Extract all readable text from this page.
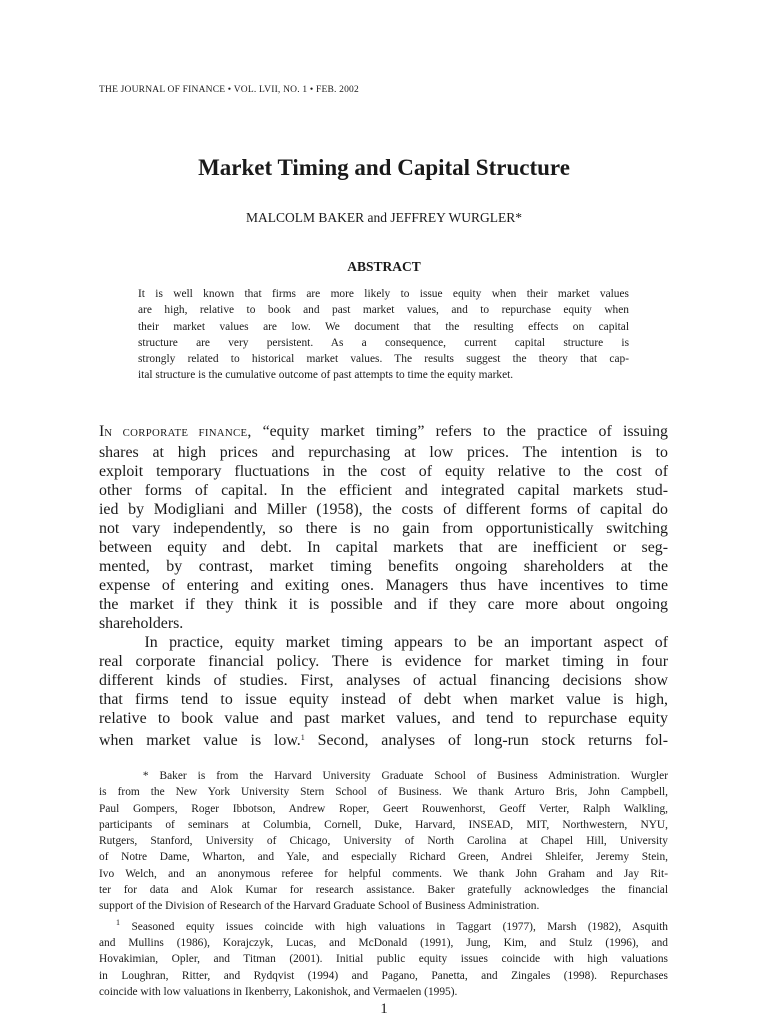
THE JOURNAL OF FINANCE • VOL. LVII, NO. 1 • FEB. 2002
Market Timing and Capital Structure
MALCOLM BAKER and JEFFREY WURGLER*
ABSTRACT
It is well known that firms are more likely to issue equity when their market values
are high, relative to book and past market values, and to repurchase equity when
their market values are low. We document that the resulting effects on capital
structure are very persistent. As a consequence, current capital structure is
strongly related to historical market values. The results suggest the theory that cap-
ital structure is the cumulative outcome of past attempts to time the equity market.
IN CORPORATE FINANCE, “equity market timing” refers to the practice of issuing
shares at high prices and repurchasing at low prices. The intention is to
exploit temporary fluctuations in the cost of equity relative to the cost of
other forms of capital. In the efficient and integrated capital markets stud-
ied by Modigliani and Miller (1958), the costs of different forms of capital do
not vary independently, so there is no gain from opportunistically switching
between equity and debt. In capital markets that are inefficient or seg-
mented, by contrast, market timing benefits ongoing shareholders at the
expense of entering and exiting ones. Managers thus have incentives to time
the market if they think it is possible and if they care more about ongoing
shareholders.
In practice, equity market timing appears to be an important aspect of
real corporate financial policy. There is evidence for market timing in four
different kinds of studies. First, analyses of actual financing decisions show
that firms tend to issue equity instead of debt when market value is high,
relative to book value and past market values, and tend to repurchase equity
when market value is low.$^1$ Second, analyses of long-run stock returns fol-
* Baker is from the Harvard University Graduate School of Business Administration. Wurgler
is from the New York University Stern School of Business. We thank Arturo Bris, John Campbell,
Paul Gompers, Roger Ibbotson, Andrew Roper, Geert Rouwenhorst, Geoff Verter, Ralph Walkling,
participants of seminars at Columbia, Cornell, Duke, Harvard, INSEAD, MIT, Northwestern, NYU,
Rutgers, Stanford, University of Chicago, University of North Carolina at Chapel Hill, University
of Notre Dame, Wharton, and Yale, and especially Richard Green, Andrei Shleifer, Jeremy Stein,
Ivo Welch, and an anonymous referee for helpful comments. We thank John Graham and Jay Rit-
ter for data and Alok Kumar for research assistance. Baker gratefully acknowledges the financial
support of the Division of Research of the Harvard Graduate School of Business Administration.
$^1$ Seasoned equity issues coincide with high valuations in Taggart (1977), Marsh (1982), Asquith
and Mullins (1986), Korajczyk, Lucas, and McDonald (1991), Jung, Kim, and Stulz (1996), and
Hovakimian, Opler, and Titman (2001). Initial public equity issues coincide with high valuations
in Loughran, Ritter, and Rydqvist (1994) and Pagano, Panetta, and Zingales (1998). Repurchases
coincide with low valuations in Ikenberry, Lakonishok, and Vermaelen (1995).
1
